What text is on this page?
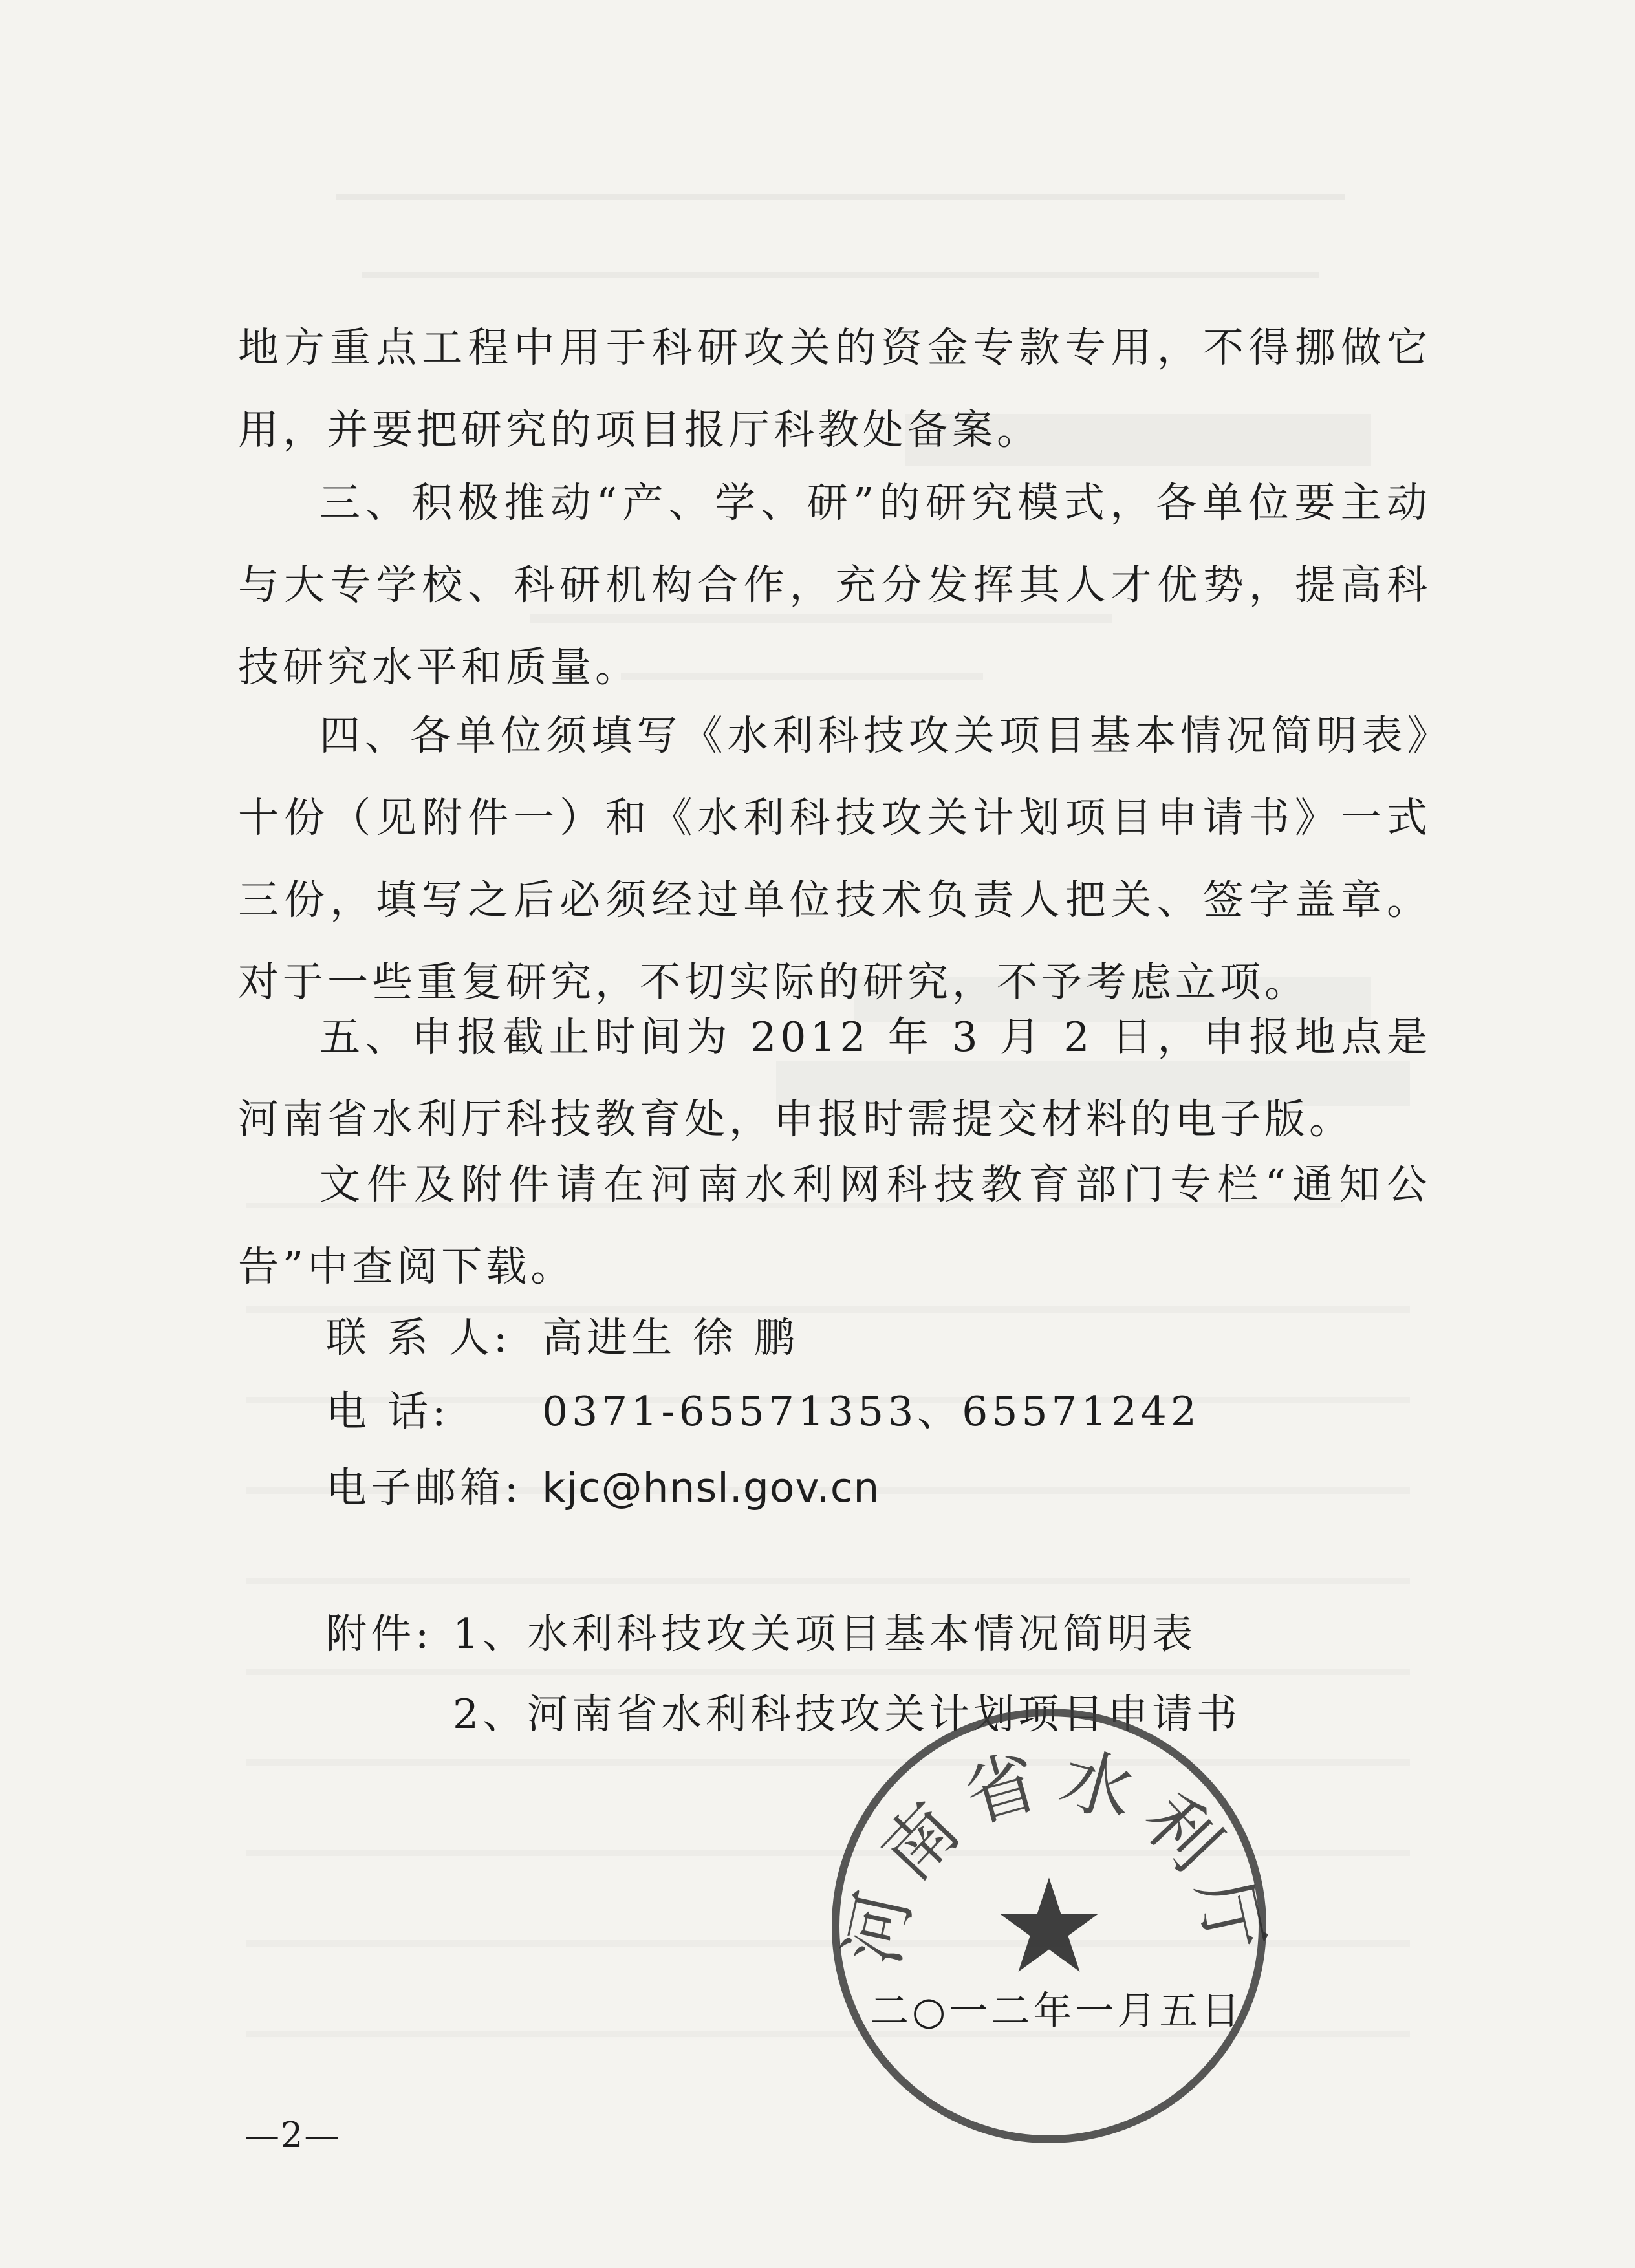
地方重点工程中用于科研攻关的资金专款专用，不得挪做它用，并要把研究的项目报厅科教处备案。

三、积极推动“产、学、研”的研究模式，各单位要主动与大专学校、科研机构合作，充分发挥其人才优势，提高科技研究水平和质量。

四、各单位须填写《水利科技攻关项目基本情况简明表》十份（见附件一）和《水利科技攻关计划项目申请书》一式三份，填写之后必须经过单位技术负责人把关、签字盖章。对于一些重复研究，不切实际的研究，不予考虑立项。

五、申报截止时间为 2012 年 3 月 2 日，申报地点是河南省水利厅科技教育处，申报时需提交材料的电子版。

文件及附件请在河南水利网科技教育部门专栏“通知公告”中查阅下载。

联 系 人: 高进生 徐 鹏
电 话: 0371-65571353、65571242
电子邮箱: kjc@hnsl.gov.cn
附件: 1、水利科技攻关项目基本情况简明表
2、河南省水利科技攻关计划项目申请书
河南省水利厅
★
二○一二年一月五日
—2—
